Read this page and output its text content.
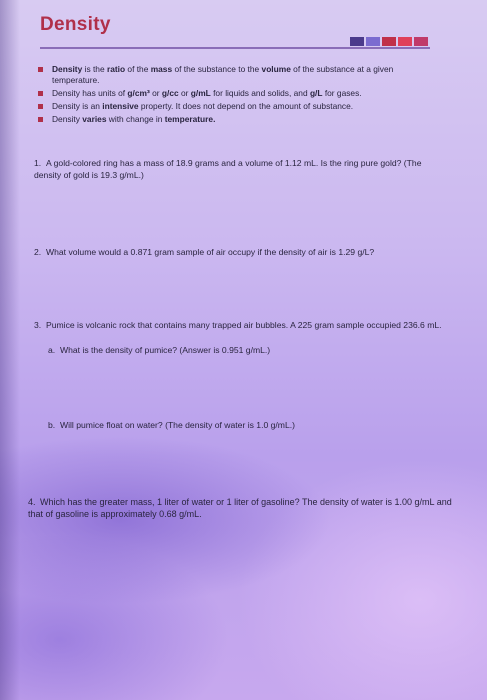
Density
Density is the ratio of the mass of the substance to the volume of the substance at a given temperature.
Density has units of g/cm³ or g/cc or g/mL for liquids and solids, and g/L for gases.
Density is an intensive property. It does not depend on the amount of substance.
Density varies with change in temperature.
1. A gold-colored ring has a mass of 18.9 grams and a volume of 1.12 mL. Is the ring pure gold? (The density of gold is 19.3 g/mL.)
2. What volume would a 0.871 gram sample of air occupy if the density of air is 1.29 g/L?
3. Pumice is volcanic rock that contains many trapped air bubbles. A 225 gram sample occupied 236.6 mL.
a. What is the density of pumice? (Answer is 0.951 g/mL.)
b. Will pumice float on water? (The density of water is 1.0 g/mL.)
4. Which has the greater mass, 1 liter of water or 1 liter of gasoline? The density of water is 1.00 g/mL and that of gasoline is approximately 0.68 g/mL.
